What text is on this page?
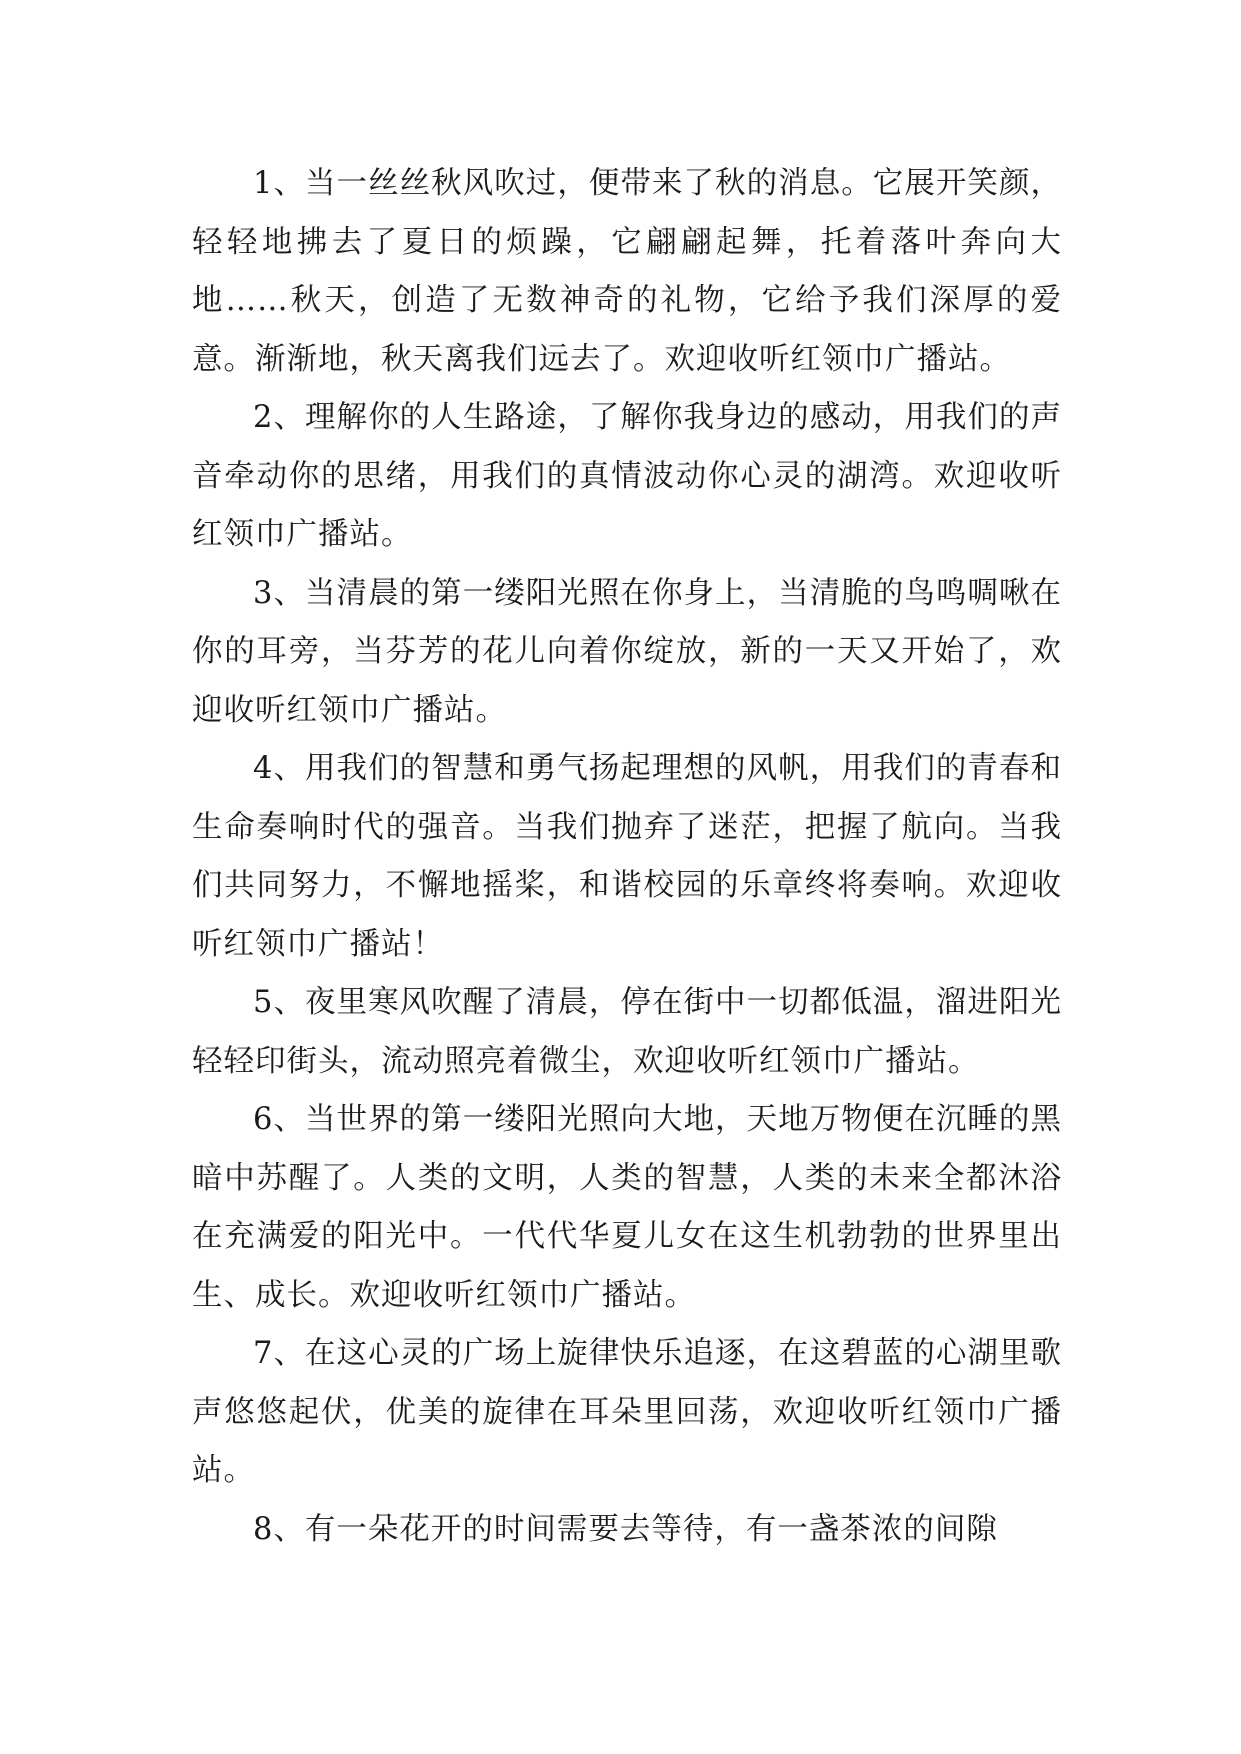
1、当一丝丝秋风吹过，便带来了秋的消息。它展开笑颜，轻轻地拂去了夏日的烦躁，它翩翩起舞，托着落叶奔向大地……秋天，创造了无数神奇的礼物，它给予我们深厚的爱意。渐渐地，秋天离我们远去了。欢迎收听红领巾广播站。

2、理解你的人生路途，了解你我身边的感动，用我们的声音牵动你的思绪，用我们的真情波动你心灵的湖湾。欢迎收听红领巾广播站。

3、当清晨的第一缕阳光照在你身上，当清脆的鸟鸣啁啾在你的耳旁，当芬芳的花儿向着你绽放，新的一天又开始了，欢迎收听红领巾广播站。

4、用我们的智慧和勇气扬起理想的风帆，用我们的青春和生命奏响时代的强音。当我们抛弃了迷茫，把握了航向。当我们共同努力，不懈地摇桨，和谐校园的乐章终将奏响。欢迎收听红领巾广播站！

5、夜里寒风吹醒了清晨，停在街中一切都低温，溜进阳光轻轻印街头，流动照亮着微尘，欢迎收听红领巾广播站。

6、当世界的第一缕阳光照向大地，天地万物便在沉睡的黑暗中苏醒了。人类的文明，人类的智慧，人类的未来全都沐浴在充满爱的阳光中。一代代华夏儿女在这生机勃勃的世界里出生、成长。欢迎收听红领巾广播站。

7、在这心灵的广场上旋律快乐追逐，在这碧蓝的心湖里歌声悠悠起伏，优美的旋律在耳朵里回荡，欢迎收听红领巾广播站。

8、有一朵花开的时间需要去等待，有一盏茶浓的间隙
